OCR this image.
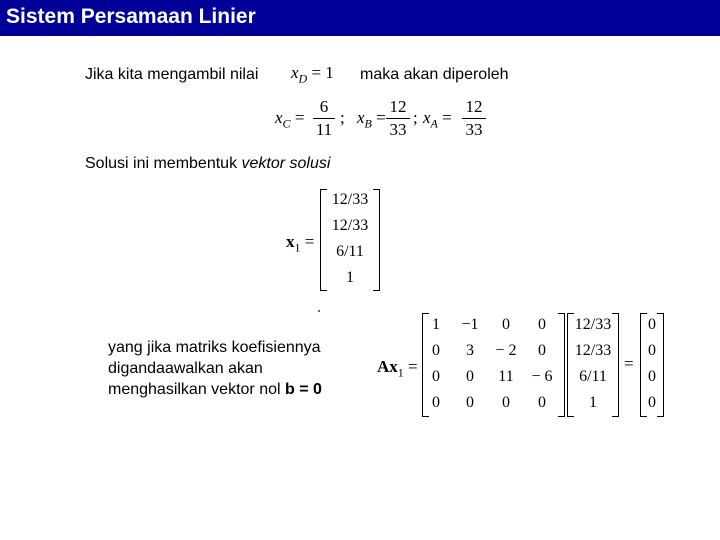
Sistem Persamaan Linier
Jika kita mengambil nilai $x_D = 1$ maka akan diperoleh
$x_C$ =
6
11
; $x_B$ =
12
33
; $x_A$ =
12
33
Solusi ini membentuk vektor solusi
$x_1$ =
12/33
12/33
6/11
1
yang jika matriks koefisiennya
digandaawalkan akan
menghasilkan vektor nol b = 0
$Ax_1$ =
1	−1	0	0
0	3	− 2	0
0	0	11	− 6
0	0	0	0
12/33
12/33
6/11
1
=
0
0
0
0
